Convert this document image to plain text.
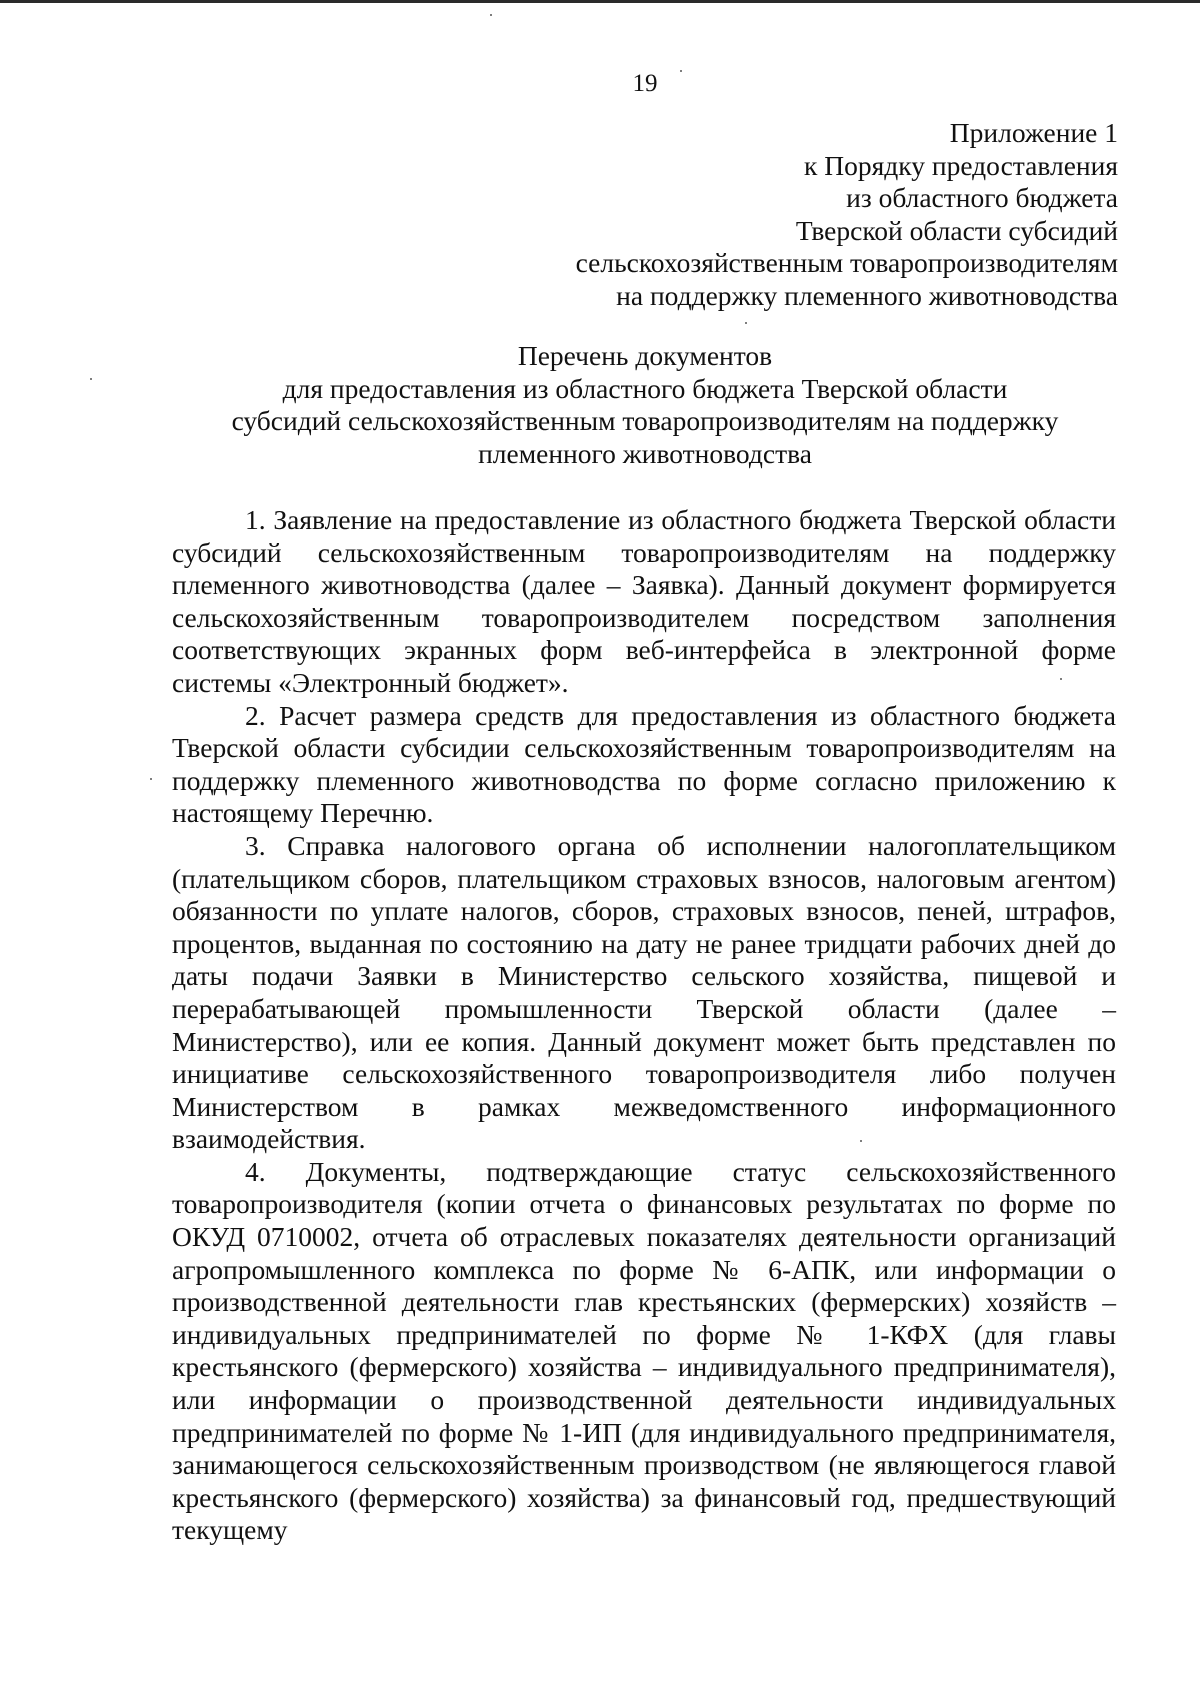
19
Приложение 1
к Порядку предоставления
из областного бюджета
Тверской области субсидий
сельскохозяйственным товаропроизводителям
на поддержку племенного животноводства
Перечень документов
для предоставления из областного бюджета Тверской области
субсидий сельскохозяйственным товаропроизводителям на поддержку
племенного животноводства

1. Заявление на предоставление из областного бюджета Тверской области субсидий сельскохозяйственным товаропроизводителям на поддержку племенного животноводства (далее – Заявка). Данный документ формируется сельскохозяйственным товаропроизводителем посредством заполнения соответствующих экранных форм веб-интерфейса в электронной форме системы «Электронный бюджет».

2. Расчет размера средств для предоставления из областного бюджета Тверской области субсидии сельскохозяйственным товаропроизводителям на поддержку племенного животноводства по форме согласно приложению к настоящему Перечню.

3. Справка налогового органа об исполнении налогоплательщиком (плательщиком сборов, плательщиком страховых взносов, налоговым агентом) обязанности по уплате налогов, сборов, страховых взносов, пеней, штрафов, процентов, выданная по состоянию на дату не ранее тридцати рабочих дней до даты подачи Заявки в Министерство сельского хозяйства, пищевой и перерабатывающей промышленности Тверской области (далее – Министерство), или ее копия. Данный документ может быть представлен по инициативе сельскохозяйственного товаропроизводителя либо получен Министерством в рамках межведомственного информационного взаимодействия.

4. Документы, подтверждающие статус сельскохозяйственного товаропроизводителя (копии отчета о финансовых результатах по форме по ОКУД 0710002, отчета об отраслевых показателях деятельности организаций агропромышленного комплекса по форме № 6-АПК, или информации о производственной деятельности глав крестьянских (фермерских) хозяйств – индивидуальных предпринимателей по форме № 1-КФХ (для главы крестьянского (фермерского) хозяйства – индивидуального предпринимателя), или информации о производственной деятельности индивидуальных предпринимателей по форме № 1-ИП (для индивидуального предпринимателя, занимающегося сельскохозяйственным производством (не являющегося главой крестьянского (фермерского) хозяйства) за финансовый год, предшествующий текущему
